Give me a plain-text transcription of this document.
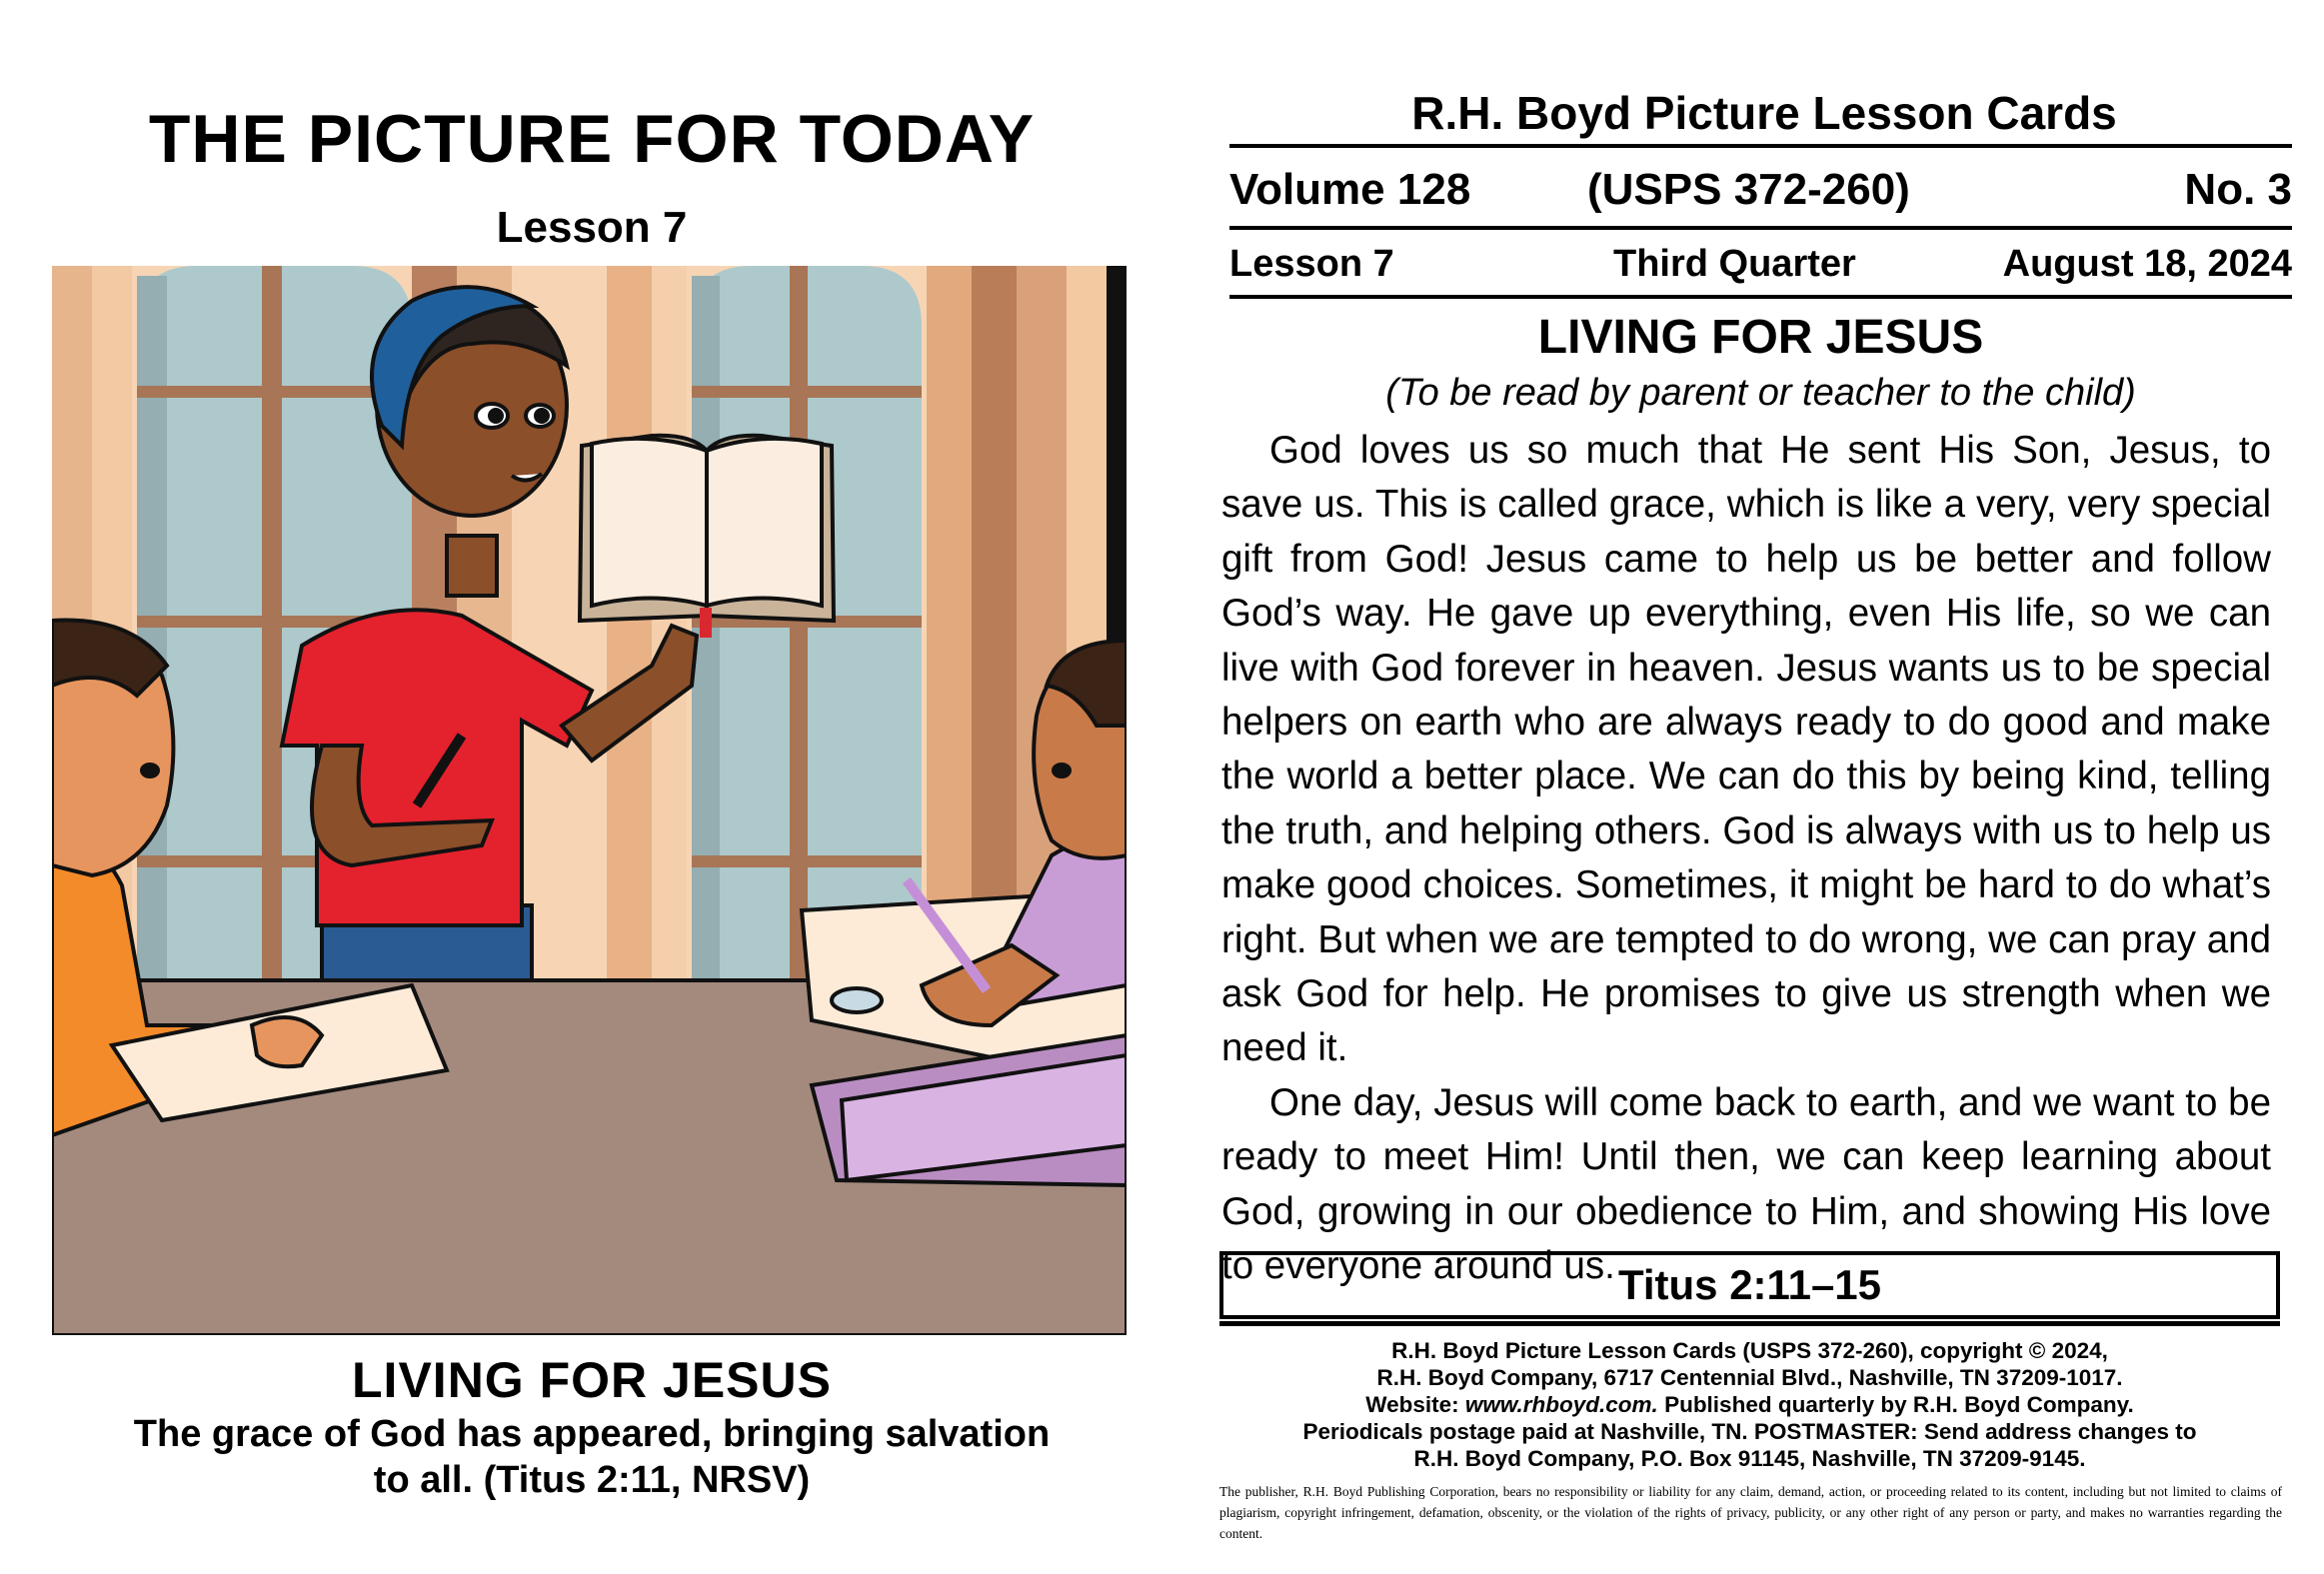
THE PICTURE FOR TODAY
Lesson 7
LIVING FOR JESUS
The grace of God has appeared, bringing salvation
to all. (Titus 2:11, NRSV)
R.H. Boyd Picture Lesson Cards
Volume 128	(USPS 372-260)	No. 3
Lesson 7	Third Quarter	August 18, 2024
LIVING FOR JESUS
(To be read by parent or teacher to the child)

God loves us so much that He sent His Son, Jesus, to save us. This is called grace, which is like a very, very special gift from God! Jesus came to help us be better and follow God’s way. He gave up everything, even His life, so we can live with God forever in heaven. Jesus wants us to be special helpers on earth who are always ready to do good and make the world a better place. We can do this by being kind, telling the truth, and helping others. God is always with us to help us make good choices. Sometimes, it might be hard to do what’s right. But when we are tempted to do wrong, we can pray and ask God for help. He promises to give us strength when we need it.

One day, Jesus will come back to earth, and we want to be ready to meet Him! Until then, we can keep learning about God, growing in our obedience to Him, and showing His love to everyone around us. Titus 2:11–15
R.H. Boyd Picture Lesson Cards (USPS 372-260), copyright © 2024,
R.H. Boyd Company, 6717 Centennial Blvd., Nashville, TN 37209-1017.
Website: www.rhboyd.com. Published quarterly by R.H. Boyd Company.
Periodicals postage paid at Nashville, TN. POSTMASTER: Send address changes to
R.H. Boyd Company, P.O. Box 91145, Nashville, TN 37209-9145.
The publisher, R.H. Boyd Publishing Corporation, bears no responsibility or liability for any claim, demand, action, or proceeding related to its content, including but not limited to claims of plagiarism, copyright infringement, defamation, obscenity, or the violation of the rights of privacy, publicity, or any other right of any person or party, and makes no warranties regarding the content.
